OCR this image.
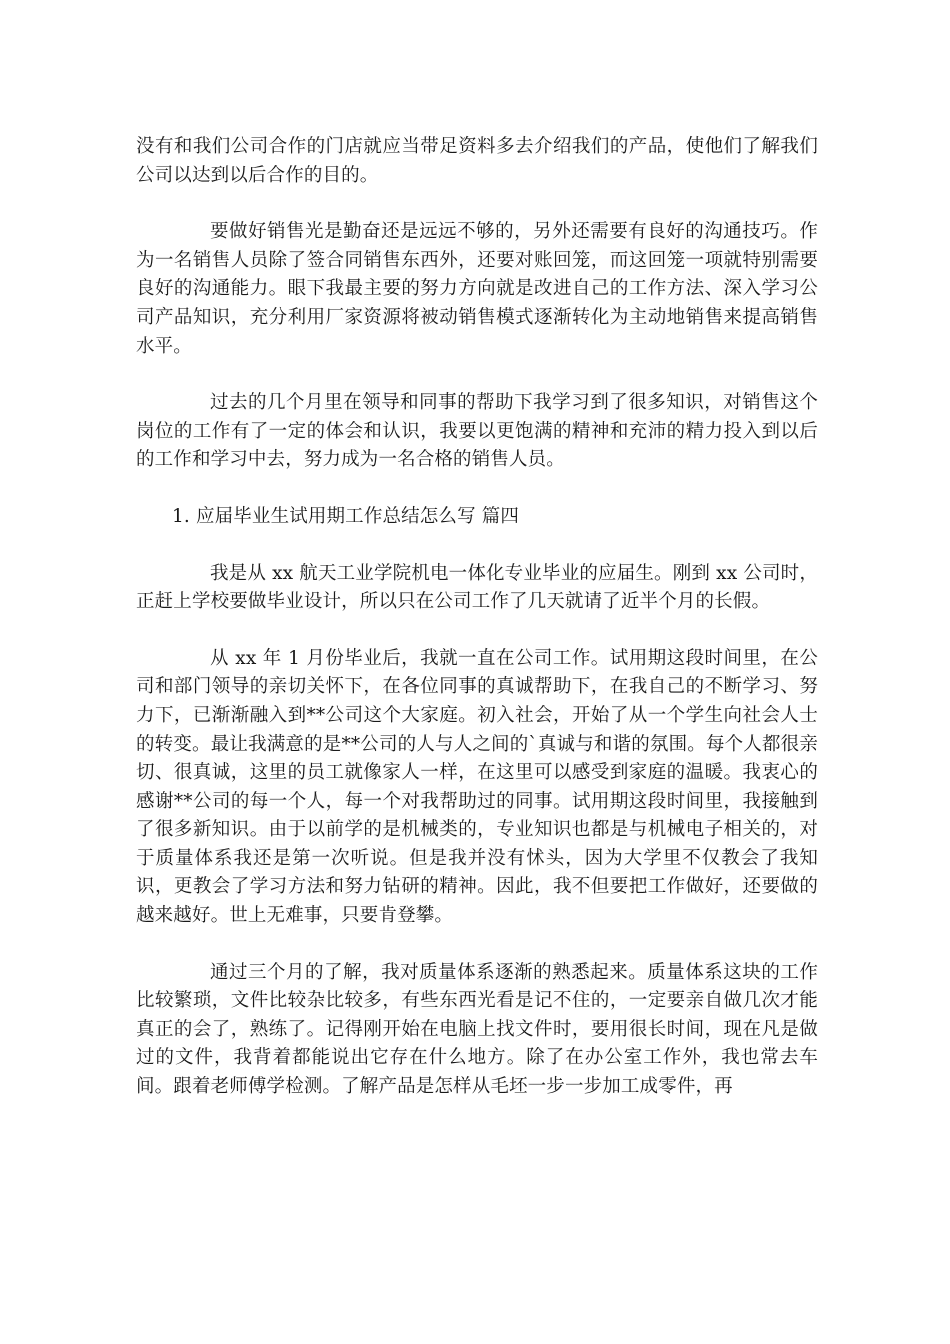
没有和我们公司合作的门店就应当带足资料多去介绍我们的产品，使他们了解我们公司以达到以后合作的目的。

要做好销售光是勤奋还是远远不够的，另外还需要有良好的沟通技巧。作为一名销售人员除了签合同销售东西外，还要对账回笼，而这回笼一项就特别需要良好的沟通能力。眼下我最主要的努力方向就是改进自己的工作方法、深入学习公司产品知识，充分利用厂家资源将被动销售模式逐渐转化为主动地销售来提高销售水平。

过去的几个月里在领导和同事的帮助下我学习到了很多知识，对销售这个岗位的工作有了一定的体会和认识，我要以更饱满的精神和充沛的精力投入到以后的工作和学习中去，努力成为一名合格的销售人员。

1. 应届毕业生试用期工作总结怎么写 篇四

我是从 xx 航天工业学院机电一体化专业毕业的应届生。刚到 xx 公司时，正赶上学校要做毕业设计，所以只在公司工作了几天就请了近半个月的长假。

从 xx 年 1 月份毕业后，我就一直在公司工作。试用期这段时间里，在公司和部门领导的亲切关怀下，在各位同事的真诚帮助下，在我自己的不断学习、努力下，已渐渐融入到**公司这个大家庭。初入社会，开始了从一个学生向社会人士的转变。最让我满意的是**公司的人与人之间的`真诚与和谐的氛围。每个人都很亲切、很真诚，这里的员工就像家人一样，在这里可以感受到家庭的温暖。我衷心的感谢**公司的每一个人，每一个对我帮助过的同事。试用期这段时间里，我接触到了很多新知识。由于以前学的是机械类的，专业知识也都是与机械电子相关的，对于质量体系我还是第一次听说。但是我并没有怵头，因为大学里不仅教会了我知识，更教会了学习方法和努力钻研的精神。因此，我不但要把工作做好，还要做的越来越好。世上无难事，只要肯登攀。

通过三个月的了解，我对质量体系逐渐的熟悉起来。质量体系这块的工作比较繁琐，文件比较杂比较多，有些东西光看是记不住的，一定要亲自做几次才能真正的会了，熟练了。记得刚开始在电脑上找文件时，要用很长时间，现在凡是做过的文件，我背着都能说出它存在什么地方。除了在办公室工作外，我也常去车间。跟着老师傅学检测。了解产品是怎样从毛坯一步一步加工成零件，再
